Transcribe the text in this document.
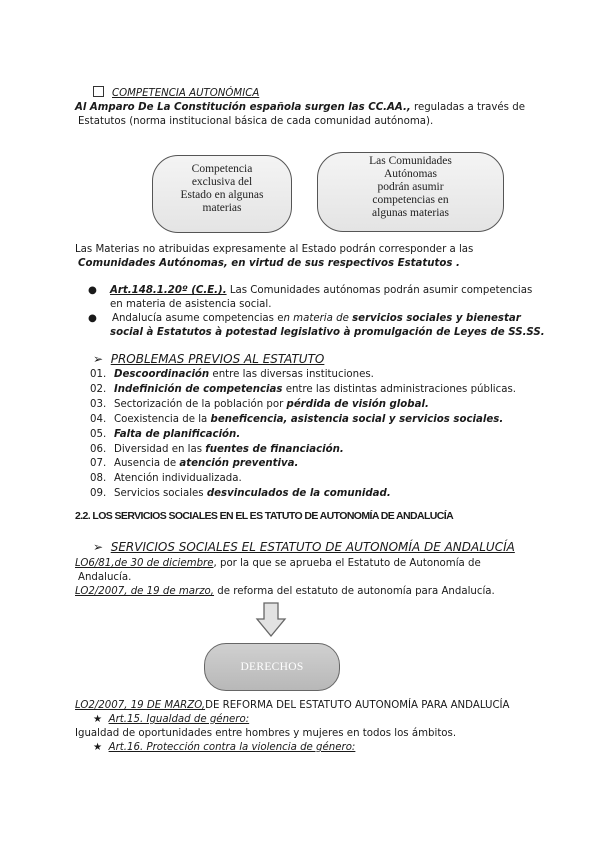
COMPETENCIA AUTONÓMICA
Al Amparo De La Constitución española surgen las CC.AA., reguladas a través de
Estatutos (norma institucional básica de cada comunidad autónoma).
Competencia
exclusiva del
Estado en algunas
materias
Las Comunidades
Autónomas
podrán asumir
competencias en
algunas materias
Las Materias no atribuidas expresamente al Estado podrán corresponder a las
Comunidades Autónomas, en virtud de sus respectivos Estatutos .
● Art.148.1.20º (C.E.). Las Comunidades autónomas podrán asumir competencias
en materia de asistencia social.
● Andalucía asume competencias en materia de servicios sociales y bienestar
social à Estatutos à potestad legislativo à promulgación de Leyes de SS.SS.
➢ PROBLEMAS PREVIOS AL ESTATUTO
01. Descoordinación entre las diversas instituciones.
02. Indefinición de competencias entre las distintas administraciones públicas.
03. Sectorización de la población por pérdida de visión global.
04. Coexistencia de la beneficencia, asistencia social y servicios sociales.
05. Falta de planificación.
06. Diversidad en las fuentes de financiación.
07. Ausencia de atención preventiva.
08. Atención individualizada.
09. Servicios sociales desvinculados de la comunidad.
2.2. LOS SERVICIOS SOCIALES EN EL ES TATUTO DE AUTONOMÍA DE ANDALUCÍA
➢ SERVICIOS SOCIALES EL ESTATUTO DE AUTONOMÍA DE ANDALUCÍA
LO6/81,de 30 de diciembre, por la que se aprueba el Estatuto de Autonomía de
Andalucía.
LO2/2007, de 19 de marzo, de reforma del estatuto de autonomía para Andalucía.
DERECHOS
LO2/2007, 19 DE MARZO,DE REFORMA DEL ESTATUTO AUTONOMÍA PARA ANDALUCÍA
★ Art.15. Igualdad de género:
Igualdad de oportunidades entre hombres y mujeres en todos los ámbitos.
★ Art.16. Protección contra la violencia de género:
